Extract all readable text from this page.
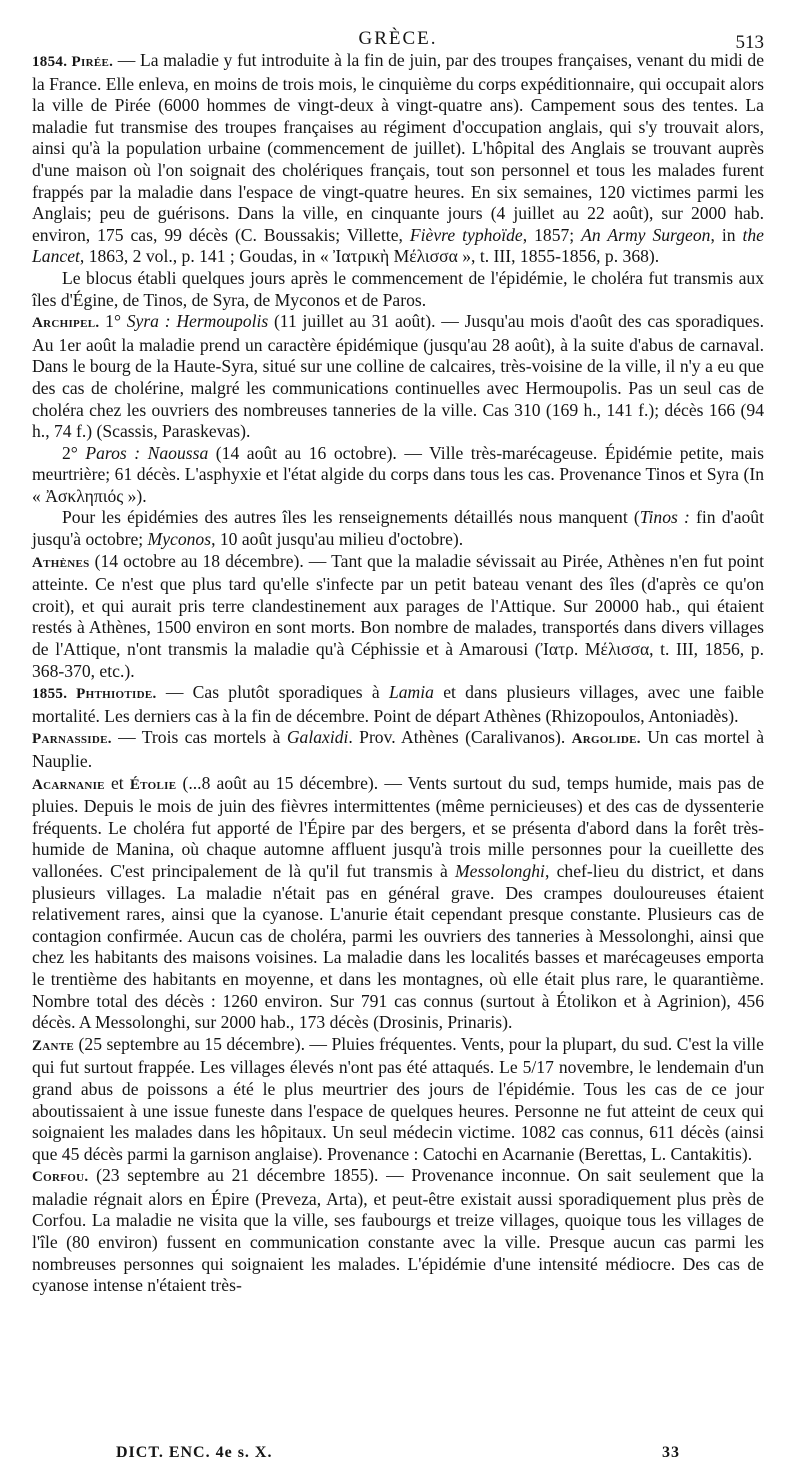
GRÈCE.	513

1854. Pirée. — La maladie y fut introduite à la fin de juin, par des troupes françaises, venant du midi de la France. Elle enleva, en moins de trois mois, le cinquième du corps expéditionnaire, qui occupait alors la ville de Pirée (6000 hommes de vingt-deux à vingt-quatre ans). Campement sous des tentes. La maladie fut transmise des troupes françaises au régiment d'occupation anglais, qui s'y trouvait alors, ainsi qu'à la population urbaine (commencement de juillet). L'hôpital des Anglais se trouvant auprès d'une maison où l'on soignait des cholériques français, tout son personnel et tous les malades furent frappés par la maladie dans l'espace de vingt-quatre heures. En six semaines, 120 victimes parmi les Anglais; peu de guérisons. Dans la ville, en cinquante jours (4 juillet au 22 août), sur 2000 hab. environ, 175 cas, 99 décès (C. Boussakis; Villette, Fièvre typhoïde, 1857; An Army Surgeon, in the Lancet, 1863, 2 vol., p. 141 ; Goudas, in « Ἰατρικὴ Μέλισσα », t. III, 1855-1856, p. 368).

Le blocus établi quelques jours après le commencement de l'épidémie, le choléra fut transmis aux îles d'Égine, de Tinos, de Syra, de Myconos et de Paros.

Archipel. 1° Syra : Hermoupolis (11 juillet au 31 août). — Jusqu'au mois d'août des cas sporadiques. Au 1er août la maladie prend un caractère épidémique (jusqu'au 28 août), à la suite d'abus de carnaval. Dans le bourg de la Haute-Syra, situé sur une colline de calcaires, très-voisine de la ville, il n'y a eu que des cas de cholérine, malgré les communications continuelles avec Hermoupolis. Pas un seul cas de choléra chez les ouvriers des nombreuses tanneries de la ville. Cas 310 (169 h., 141 f.); décès 166 (94 h., 74 f.) (Scassis, Paraskevas).

2° Paros : Naoussa (14 août au 16 octobre). — Ville très-marécageuse. Épidémie petite, mais meurtrière; 61 décès. L'asphyxie et l'état algide du corps dans tous les cas. Provenance Tinos et Syra (In « Ἀσκληπιός »).

Pour les épidémies des autres îles les renseignements détaillés nous manquent (Tinos : fin d'août jusqu'à octobre; Myconos, 10 août jusqu'au milieu d'octobre).

Athènes (14 octobre au 18 décembre). — Tant que la maladie sévissait au Pirée, Athènes n'en fut point atteinte. Ce n'est que plus tard qu'elle s'infecte par un petit bateau venant des îles (d'après ce qu'on croit), et qui aurait pris terre clandestinement aux parages de l'Attique. Sur 20000 hab., qui étaient restés à Athènes, 1500 environ en sont morts. Bon nombre de malades, transportés dans divers villages de l'Attique, n'ont transmis la maladie qu'à Céphissie et à Amarousi (Ἰατρ. Μέλισσα, t. III, 1856, p. 368-370, etc.).

1855. Phthiotide. — Cas plutôt sporadiques à Lamia et dans plusieurs villages, avec une faible mortalité. Les derniers cas à la fin de décembre. Point de départ Athènes (Rhizopoulos, Antoniadès).

Parnasside. — Trois cas mortels à Galaxidi. Prov. Athènes (Caralivanos). Argolide. Un cas mortel à Nauplie.

Acarnanie et Étolie (...8 août au 15 décembre). — Vents surtout du sud, temps humide, mais pas de pluies. Depuis le mois de juin des fièvres intermittentes (même pernicieuses) et des cas de dyssenterie fréquents. Le choléra fut apporté de l'Épire par des bergers, et se présenta d'abord dans la forêt très-humide de Manina, où chaque automne affluent jusqu'à trois mille personnes pour la cueillette des vallonées. C'est principalement de là qu'il fut transmis à Messolonghi, chef-lieu du district, et dans plusieurs villages. La maladie n'était pas en général grave. Des crampes douloureuses étaient relativement rares, ainsi que la cyanose. L'anurie était cependant presque constante. Plusieurs cas de contagion confirmée. Aucun cas de choléra, parmi les ouvriers des tanneries à Messolonghi, ainsi que chez les habitants des maisons voisines. La maladie dans les localités basses et marécageuses emporta le trentième des habitants en moyenne, et dans les montagnes, où elle était plus rare, le quarantième. Nombre total des décès : 1260 environ. Sur 791 cas connus (surtout à Étolikon et à Agrinion), 456 décès. A Messolonghi, sur 2000 hab., 173 décès (Drosinis, Prinaris).

Zante (25 septembre au 15 décembre). — Pluies fréquentes. Vents, pour la plupart, du sud. C'est la ville qui fut surtout frappée. Les villages élevés n'ont pas été attaqués. Le 5/17 novembre, le lendemain d'un grand abus de poissons a été le plus meurtrier des jours de l'épidémie. Tous les cas de ce jour aboutissaient à une issue funeste dans l'espace de quelques heures. Personne ne fut atteint de ceux qui soignaient les malades dans les hôpitaux. Un seul médecin victime. 1082 cas connus, 611 décès (ainsi que 45 décès parmi la garnison anglaise). Provenance : Catochi en Acarnanie (Berettas, L. Cantakitis).

Corfou. (23 septembre au 21 décembre 1855). — Provenance inconnue. On sait seulement que la maladie régnait alors en Épire (Preveza, Arta), et peut-être existait aussi sporadiquement plus près de Corfou. La maladie ne visita que la ville, ses faubourgs et treize villages, quoique tous les villages de l'île (80 environ) fussent en communication constante avec la ville. Presque aucun cas parmi les nombreuses personnes qui soignaient les malades. L'épidémie d'une intensité médiocre. Des cas de cyanose intense n'étaient très-

DICT. ENC. 4e s. X.	33
